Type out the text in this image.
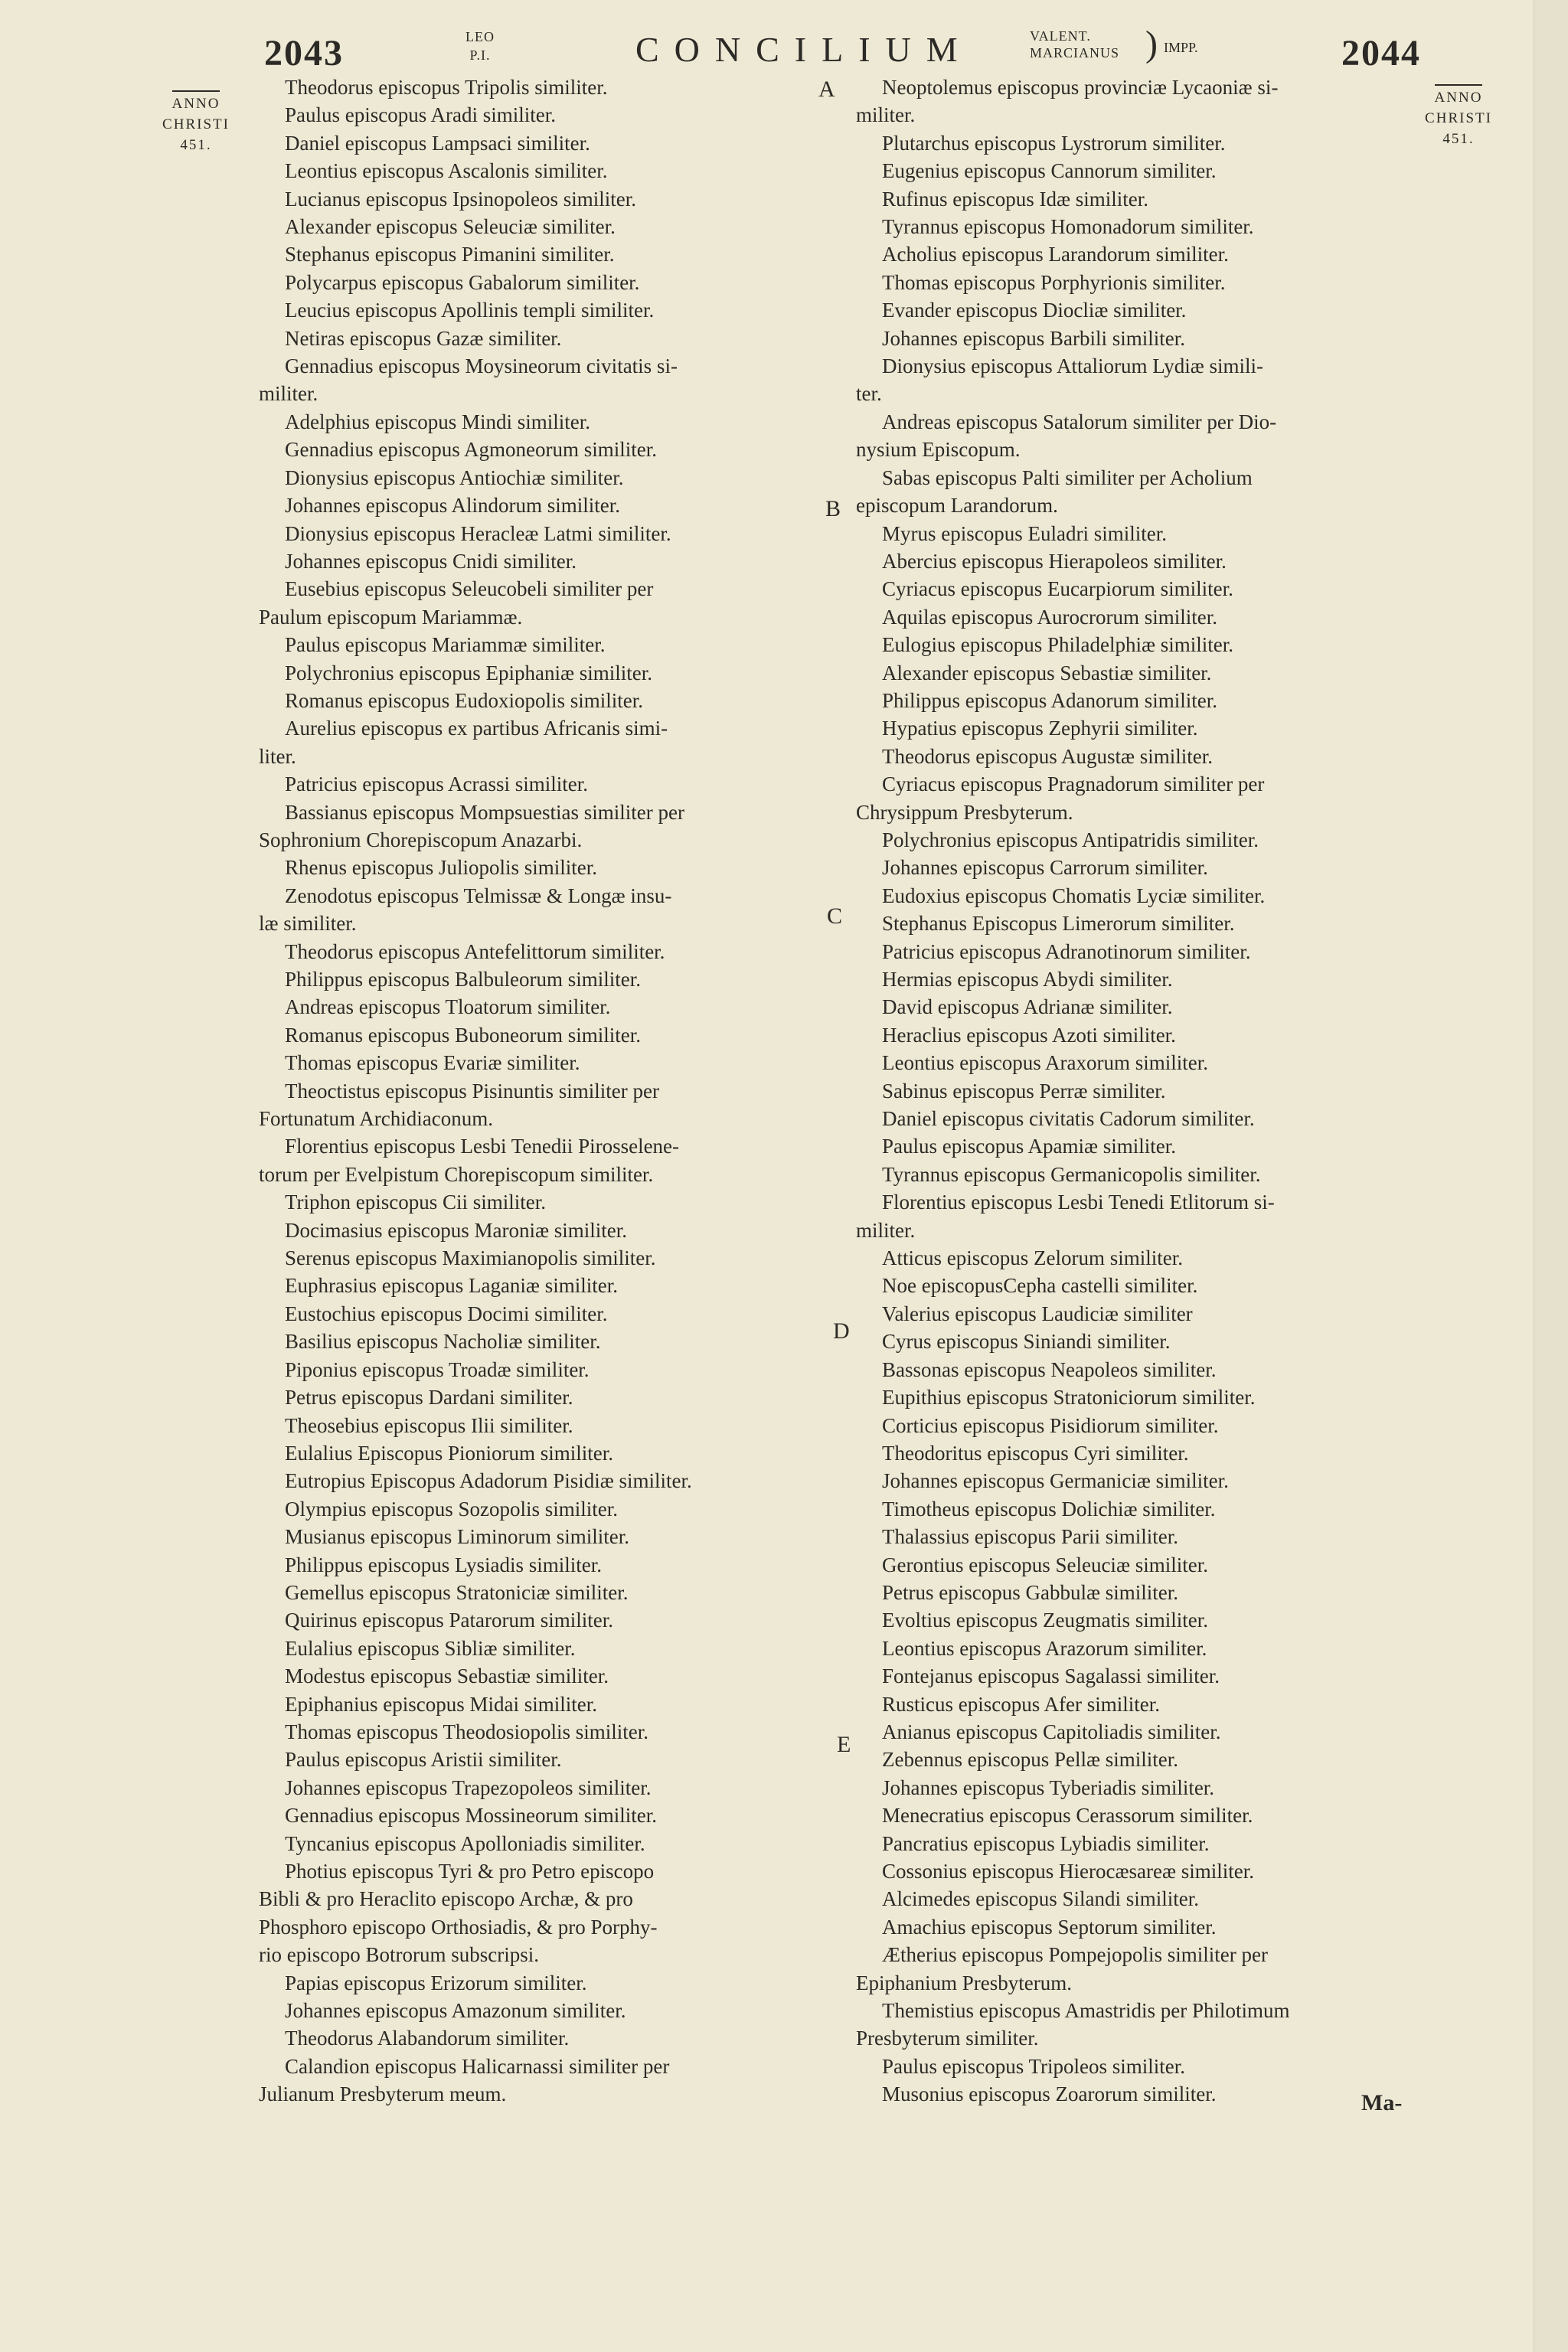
2043	LEO
P.I.	CONCILIUM	VALENT.
MARCIANUS ) IMPP.	2044
ANNO
CHRISTI
451.
ANNO
CHRISTI
451.
A
B
C
D
E
Theodorus episcopus Tripolis similiter.
Paulus episcopus Aradi similiter.
Daniel episcopus Lampsaci similiter.
Leontius episcopus Ascalonis similiter.
Lucianus episcopus Ipsinopoleos similiter.
Alexander episcopus Seleuciæ similiter.
Stephanus episcopus Pimanini similiter.
Polycarpus episcopus Gabalorum similiter.
Leucius episcopus Apollinis templi similiter.
Netiras episcopus Gazæ similiter.
Gennadius episcopus Moysineorum civitatis si-
militer.
Adelphius episcopus Mindi similiter.
Gennadius episcopus Agmoneorum similiter.
Dionysius episcopus Antiochiæ similiter.
Johannes episcopus Alindorum similiter.
Dionysius episcopus Heracleæ Latmi similiter.
Johannes episcopus Cnidi similiter.
Eusebius episcopus Seleucobeli similiter per
Paulum episcopum Mariammæ.
Paulus episcopus Mariammæ similiter.
Polychronius episcopus Epiphaniæ similiter.
Romanus episcopus Eudoxiopolis similiter.
Aurelius episcopus ex partibus Africanis simi-
liter.
Patricius episcopus Acrassi similiter.
Bassianus episcopus Mompsuestias similiter per
Sophronium Chorepiscopum Anazarbi.
Rhenus episcopus Juliopolis similiter.
Zenodotus episcopus Telmissæ & Longæ insu-
læ similiter.
Theodorus episcopus Antefelittorum similiter.
Philippus episcopus Balbuleorum similiter.
Andreas episcopus Tloatorum similiter.
Romanus episcopus Buboneorum similiter.
Thomas episcopus Evariæ similiter.
Theoctistus episcopus Pisinuntis similiter per
Fortunatum Archidiaconum.
Florentius episcopus Lesbi Tenedii Pirosselene-
torum per Evelpistum Chorepiscopum similiter.
Triphon episcopus Cii similiter.
Docimasius episcopus Maroniæ similiter.
Serenus episcopus Maximianopolis similiter.
Euphrasius episcopus Laganiæ similiter.
Eustochius episcopus Docimi similiter.
Basilius episcopus Nacholiæ similiter.
Piponius episcopus Troadæ similiter.
Petrus episcopus Dardani similiter.
Theosebius episcopus Ilii similiter.
Eulalius Episcopus Pioniorum similiter.
Eutropius Episcopus Adadorum Pisidiæ similiter.
Olympius episcopus Sozopolis similiter.
Musianus episcopus Liminorum similiter.
Philippus episcopus Lysiadis similiter.
Gemellus episcopus Stratoniciæ similiter.
Quirinus episcopus Patarorum similiter.
Eulalius episcopus Sibliæ similiter.
Modestus episcopus Sebastiæ similiter.
Epiphanius episcopus Midai similiter.
Thomas episcopus Theodosiopolis similiter.
Paulus episcopus Aristii similiter.
Johannes episcopus Trapezopoleos similiter.
Gennadius episcopus Mossineorum similiter.
Tyncanius episcopus Apolloniadis similiter.
Photius episcopus Tyri & pro Petro episcopo
Bibli & pro Heraclito episcopo Archæ, & pro
Phosphoro episcopo Orthosiadis, & pro Porphy-
rio episcopo Botrorum subscripsi.
Papias episcopus Erizorum similiter.
Johannes episcopus Amazonum similiter.
Theodorus Alabandorum similiter.
Calandion episcopus Halicarnassi similiter per
Julianum Presbyterum meum.
Neoptolemus episcopus provinciæ Lycaoniæ si-
militer.
Plutarchus episcopus Lystrorum similiter.
Eugenius episcopus Cannorum similiter.
Rufinus episcopus Idæ similiter.
Tyrannus episcopus Homonadorum similiter.
Acholius episcopus Larandorum similiter.
Thomas episcopus Porphyrionis similiter.
Evander episcopus Diocliæ similiter.
Johannes episcopus Barbili similiter.
Dionysius episcopus Attaliorum Lydiæ simili-
ter.
Andreas episcopus Satalorum similiter per Dio-
nysium Episcopum.
Sabas episcopus Palti similiter per Acholium
episcopum Larandorum.
Myrus episcopus Euladri similiter.
Abercius episcopus Hierapoleos similiter.
Cyriacus episcopus Eucarpiorum similiter.
Aquilas episcopus Aurocrorum similiter.
Eulogius episcopus Philadelphiæ similiter.
Alexander episcopus Sebastiæ similiter.
Philippus episcopus Adanorum similiter.
Hypatius episcopus Zephyrii similiter.
Theodorus episcopus Augustæ similiter.
Cyriacus episcopus Pragnadorum similiter per
Chrysippum Presbyterum.
Polychronius episcopus Antipatridis similiter.
Johannes episcopus Carrorum similiter.
Eudoxius episcopus Chomatis Lyciæ similiter.
Stephanus Episcopus Limerorum similiter.
Patricius episcopus Adranotinorum similiter.
Hermias episcopus Abydi similiter.
David episcopus Adrianæ similiter.
Heraclius episcopus Azoti similiter.
Leontius episcopus Araxorum similiter.
Sabinus episcopus Perræ similiter.
Daniel episcopus civitatis Cadorum similiter.
Paulus episcopus Apamiæ similiter.
Tyrannus episcopus Germanicopolis similiter.
Florentius episcopus Lesbi Tenedi Etlitorum si-
militer.
Atticus episcopus Zelorum similiter.
Noe episcopusCepha castelli similiter.
Valerius episcopus Laudiciæ similiter
Cyrus episcopus Siniandi similiter.
Bassonas episcopus Neapoleos similiter.
Eupithius episcopus Stratoniciorum similiter.
Corticius episcopus Pisidiorum similiter.
Theodoritus episcopus Cyri similiter.
Johannes episcopus Germaniciæ similiter.
Timotheus episcopus Dolichiæ similiter.
Thalassius episcopus Parii similiter.
Gerontius episcopus Seleuciæ similiter.
Petrus episcopus Gabbulæ similiter.
Evoltius episcopus Zeugmatis similiter.
Leontius episcopus Arazorum similiter.
Fontejanus episcopus Sagalassi similiter.
Rusticus episcopus Afer similiter.
Anianus episcopus Capitoliadis similiter.
Zebennus episcopus Pellæ similiter.
Johannes episcopus Tyberiadis similiter.
Menecratius episcopus Cerassorum similiter.
Pancratius episcopus Lybiadis similiter.
Cossonius episcopus Hierocæsareæ similiter.
Alcimedes episcopus Silandi similiter.
Amachius episcopus Septorum similiter.
Ætherius episcopus Pompejopolis similiter per
Epiphanium Presbyterum.
Themistius episcopus Amastridis per Philotimum
Presbyterum similiter.
Paulus episcopus Tripoleos similiter.
Musonius episcopus Zoarorum similiter.	Ma-
